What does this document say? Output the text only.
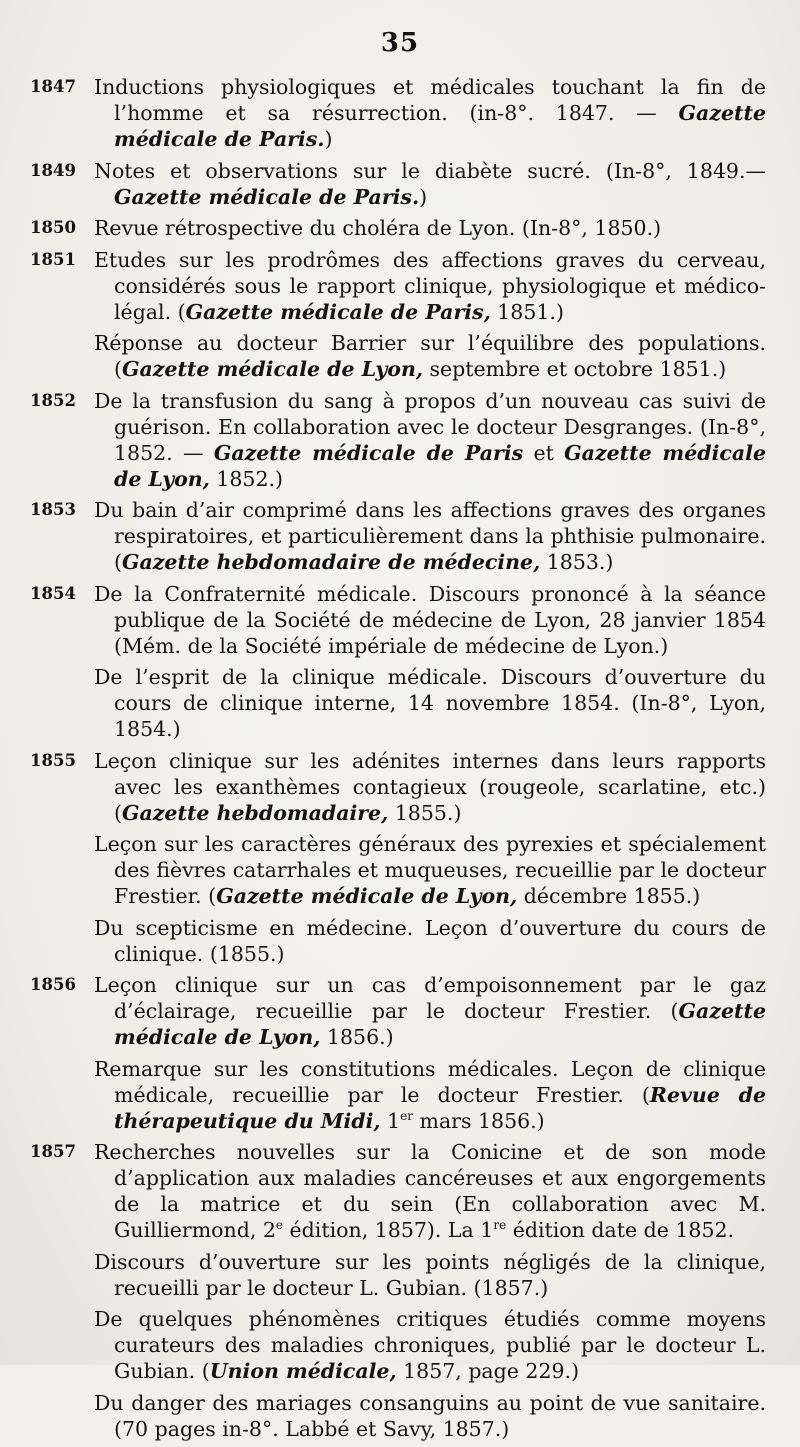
35
1847 Inductions physiologiques et médicales touchant la fin de l’homme et sa résurrection. (in-8°. 1847. — Gazette médicale de Paris.)
1849 Notes et observations sur le diabète sucré. (In-8°, 1849.— Gazette médicale de Paris.)
1850 Revue rétrospective du choléra de Lyon. (In-8°, 1850.)
1851 Etudes sur les prodrômes des affections graves du cerveau, considérés sous le rapport clinique, physiologique et médico-légal. (Gazette médicale de Paris, 1851.)
Réponse au docteur Barrier sur l’équilibre des populations. (Gazette médicale de Lyon, septembre et octobre 1851.)
1852 De la transfusion du sang à propos d’un nouveau cas suivi de guérison. En collaboration avec le docteur Desgranges. (In-8°, 1852. — Gazette médicale de Paris et Gazette médicale de Lyon, 1852.)
1853 Du bain d’air comprimé dans les affections graves des organes respiratoires, et particulièrement dans la phthisie pulmonaire. (Gazette hebdomadaire de médecine, 1853.)
1854 De la Confraternité médicale. Discours prononcé à la séance publique de la Société de médecine de Lyon, 28 janvier 1854 (Mém. de la Société impériale de médecine de Lyon.)
De l’esprit de la clinique médicale. Discours d’ouverture du cours de clinique interne, 14 novembre 1854. (In-8°, Lyon, 1854.)
1855 Leçon clinique sur les adénites internes dans leurs rapports avec les exanthèmes contagieux (rougeole, scarlatine, etc.) (Gazette hebdomadaire, 1855.)
Leçon sur les caractères généraux des pyrexies et spécialement des fièvres catarrhales et muqueuses, recueillie par le docteur Frestier. (Gazette médicale de Lyon, décembre 1855.)
Du scepticisme en médecine. Leçon d’ouverture du cours de clinique. (1855.)
1856 Leçon clinique sur un cas d’empoisonnement par le gaz d’éclairage, recueillie par le docteur Frestier. (Gazette médicale de Lyon, 1856.)
Remarque sur les constitutions médicales. Leçon de clinique médicale, recueillie par le docteur Frestier. (Revue de thérapeutique du Midi, 1er mars 1856.)
1857 Recherches nouvelles sur la Conicine et de son mode d’application aux maladies cancéreuses et aux engorgements de la matrice et du sein (En collaboration avec M. Guilliermond, 2e édition, 1857). La 1re édition date de 1852.
Discours d’ouverture sur les points négligés de la clinique, recueilli par le docteur L. Gubian. (1857.)
De quelques phénomènes critiques étudiés comme moyens curateurs des maladies chroniques, publié par le docteur L. Gubian. (Union médicale, 1857, page 229.)
Du danger des mariages consanguins au point de vue sanitaire. (70 pages in-8°. Labbé et Savy, 1857.)
